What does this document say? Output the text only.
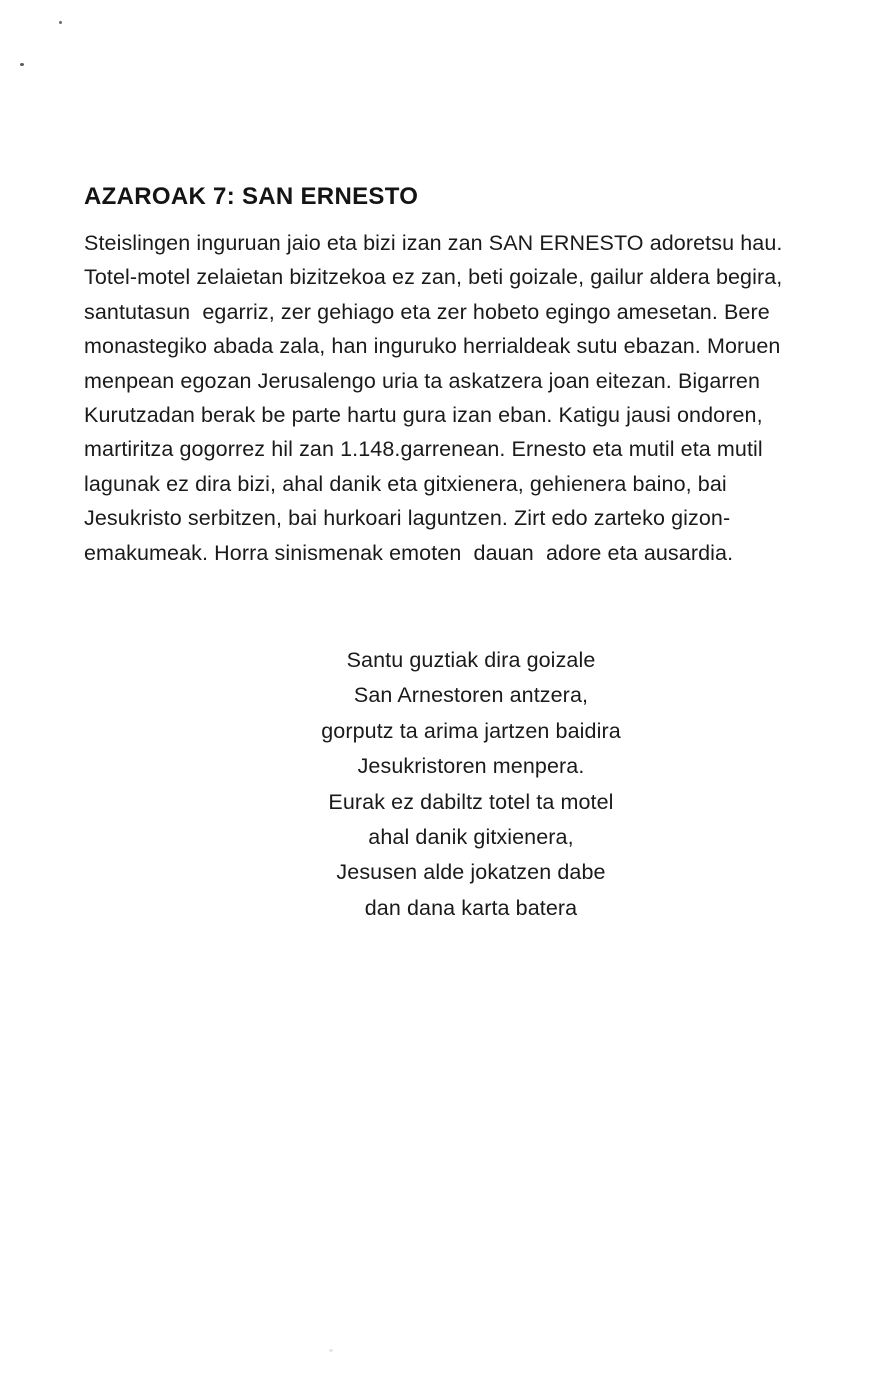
AZAROAK 7: SAN ERNESTO
Steislingen inguruan jaio eta bizi izan zan SAN ERNESTO adoretsu hau.
Totel-motel zelaietan bizitzekoa ez zan, beti goizale, gailur aldera begira,
santutasun  egarriz, zer gehiago eta zer hobeto egingo amesetan. Bere
monastegiko abada zala, han inguruko herrialdeak sutu ebazan. Moruen
menpean egozan Jerusalengo uria ta askatzera joan eitezan. Bigarren
Kurutzadan berak be parte hartu gura izan eban. Katigu jausi ondoren,
martiritza gogorrez hil zan 1.148.garrenean. Ernesto eta mutil eta mutil
lagunak ez dira bizi, ahal danik eta gitxienera, gehienera baino, bai
Jesukristo serbitzen, bai hurkoari laguntzen. Zirt edo zarteko gizon-
emakumeak. Horra sinismenak emoten  dauan  adore eta ausardia.
Santu guztiak dira goizale
San Arnestoren antzera,
gorputz ta arima jartzen baidira
Jesukristoren menpera.
Eurak ez dabiltz totel ta motel
ahal danik gitxienera,
Jesusen alde jokatzen dabe
dan dana karta batera
